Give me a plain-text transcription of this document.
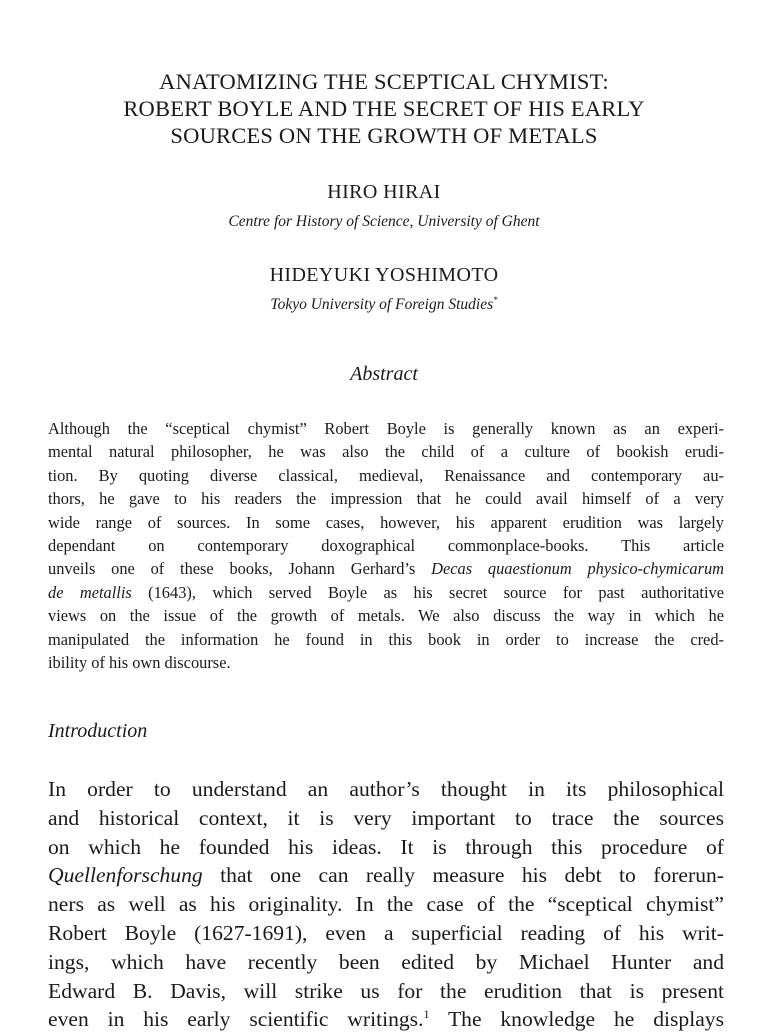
ANATOMIZING THE SCEPTICAL CHYMIST:
ROBERT BOYLE AND THE SECRET OF HIS EARLY
SOURCES ON THE GROWTH OF METALS
HIRO HIRAI
Centre for History of Science, University of Ghent
HIDEYUKI YOSHIMOTO
Tokyo University of Foreign Studies*
Abstract
Although the “sceptical chymist” Robert Boyle is generally known as an experi-
mental natural philosopher, he was also the child of a culture of bookish erudi-
tion. By quoting diverse classical, medieval, Renaissance and contemporary au-
thors, he gave to his readers the impression that he could avail himself of a very
wide range of sources. In some cases, however, his apparent erudition was largely
dependant on contemporary doxographical commonplace-books. This article
unveils one of these books, Johann Gerhard’s Decas quaestionum physico-chymicarum
de metallis (1643), which served Boyle as his secret source for past authoritative
views on the issue of the growth of metals. We also discuss the way in which he
manipulated the information he found in this book in order to increase the cred-
ibility of his own discourse.
Introduction
In order to understand an author’s thought in its philosophical
and historical context, it is very important to trace the sources
on which he founded his ideas. It is through this procedure of
Quellenforschung that one can really measure his debt to forerun-
ners as well as his originality. In the case of the “sceptical chymist”
Robert Boyle (1627-1691), even a superficial reading of his writ-
ings, which have recently been edited by Michael Hunter and
Edward B. Davis, will strike us for the erudition that is present
even in his early scientific writings.$^1$ The knowledge he displays
